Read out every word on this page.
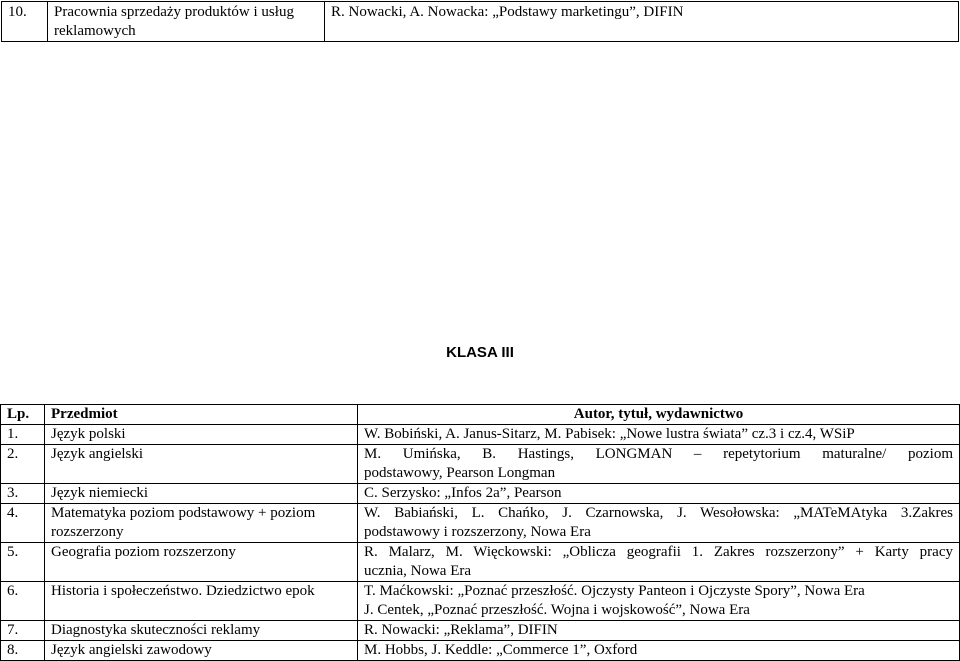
10.	Pracownia sprzedaży produktów i usług reklamowych	R. Nowacki, A. Nowacka: „Podstawy marketingu”, DIFIN
KLASA III
Lp.	Przedmiot	Autor, tytuł, wydawnictwo
1.	Język polski	W. Bobiński, A. Janus-Sitarz, M. Pabisek: „Nowe lustra świata” cz.3 i cz.4, WSiP
2.	Język angielski	M. Umińska, B. Hastings, LONGMAN – repetytorium maturalne/ poziom
podstawowy, Pearson Longman

3.	Język niemiecki	C. Serzysko: „Infos 2a”, Pearson
4.	Matematyka poziom podstawowy + poziom rozszerzony	W. Babiański, L. Chańko, J. Czarnowska, J. Wesołowska: „MATeMAtyka 3.Zakres
podstawowy i rozszerzony, Nowa Era

5.	Geografia poziom rozszerzony	R. Malarz, M. Więckowski: „Oblicza geografii 1. Zakres rozszerzony” + Karty pracy
ucznia, Nowa Era

6.	Historia i społeczeństwo. Dziedzictwo epok	T. Maćkowski: „Poznać przeszłość. Ojczysty Panteon i Ojczyste Spory”, Nowa Era
J. Centek, „Poznać przeszłość. Wojna i wojskowość”, Nowa Era

7.	Diagnostyka skuteczności reklamy	R. Nowacki: „Reklama”, DIFIN
8.	Język angielski zawodowy	M. Hobbs, J. Keddle: „Commerce 1”, Oxford
